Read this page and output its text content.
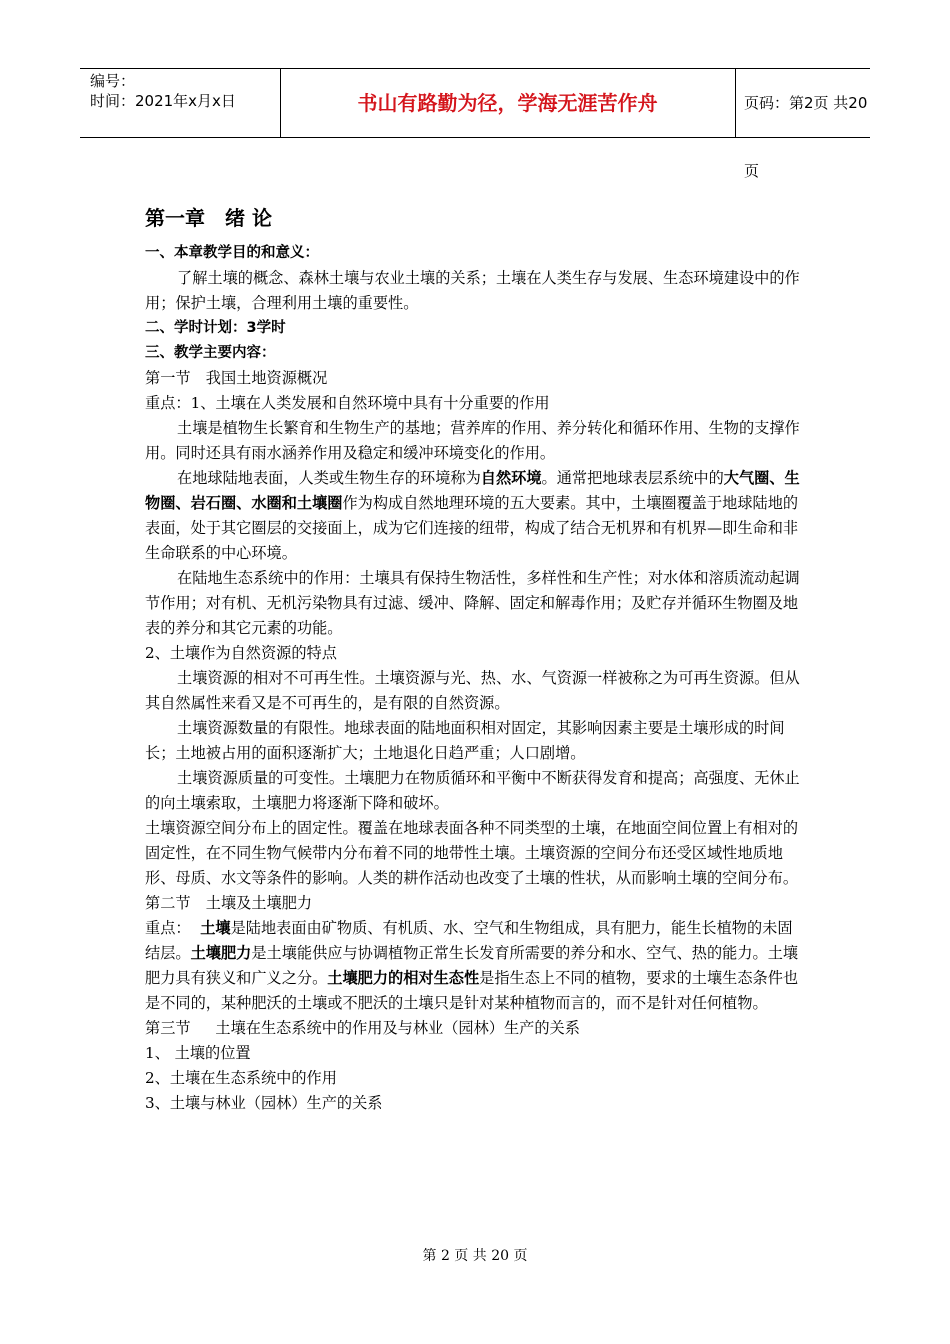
编号：
时间：2021年x月x日	书山有路勤为径，学海无涯苦作舟	页码：第2页 共20页

第一章　绪 论

一、本章教学目的和意义：

了解土壤的概念、森林土壤与农业土壤的关系；土壤在人类生存与发展、生态环境建设中的作用；保护土壤，合理利用土壤的重要性。

二、学时计划：3学时

三、教学主要内容：

第一节　我国土地资源概况

重点：1、土壤在人类发展和自然环境中具有十分重要的作用

土壤是植物生长繁育和生物生产的基地；营养库的作用、养分转化和循环作用、生物的支撑作用。同时还具有雨水涵养作用及稳定和缓冲环境变化的作用。

在地球陆地表面，人类或生物生存的环境称为自然环境。通常把地球表层系统中的大气圈、生物圈、岩石圈、水圈和土壤圈作为构成自然地理环境的五大要素。其中，土壤圈覆盖于地球陆地的表面，处于其它圈层的交接面上，成为它们连接的纽带，构成了结合无机界和有机界—即生命和非生命联系的中心环境。

在陆地生态系统中的作用：土壤具有保持生物活性，多样性和生产性；对水体和溶质流动起调节作用；对有机、无机污染物具有过滤、缓冲、降解、固定和解毒作用；及贮存并循环生物圈及地表的养分和其它元素的功能。

2、土壤作为自然资源的特点

土壤资源的相对不可再生性。土壤资源与光、热、水、气资源一样被称之为可再生资源。但从其自然属性来看又是不可再生的，是有限的自然资源。

土壤资源数量的有限性。地球表面的陆地面积相对固定，其影响因素主要是土壤形成的时间长；土地被占用的面积逐渐扩大；土地退化日趋严重；人口剧增。

土壤资源质量的可变性。土壤肥力在物质循环和平衡中不断获得发育和提高；高强度、无休止的向土壤索取，土壤肥力将逐渐下降和破坏。

土壤资源空间分布上的固定性。覆盖在地球表面各种不同类型的土壤，在地面空间位置上有相对的固定性，在不同生物气候带内分布着不同的地带性土壤。土壤资源的空间分布还受区域性地质地形、母质、水文等条件的影响。人类的耕作活动也改变了土壤的性状，从而影响土壤的空间分布。

第二节　土壤及土壤肥力

重点：  土壤是陆地表面由矿物质、有机质、水、空气和生物组成，具有肥力，能生长植物的未固结层。土壤肥力是土壤能供应与协调植物正常生长发育所需要的养分和水、空气、热的能力。土壤肥力具有狭义和广义之分。土壤肥力的相对生态性是指生态上不同的植物，要求的土壤生态条件也是不同的，某种肥沃的土壤或不肥沃的土壤只是针对某种植物而言的，而不是针对任何植物。

第三节　  土壤在生态系统中的作用及与林业（园林）生产的关系

1、 土壤的位置

2、土壤在生态系统中的作用

3、土壤与林业（园林）生产的关系

第 2 页 共 20 页
